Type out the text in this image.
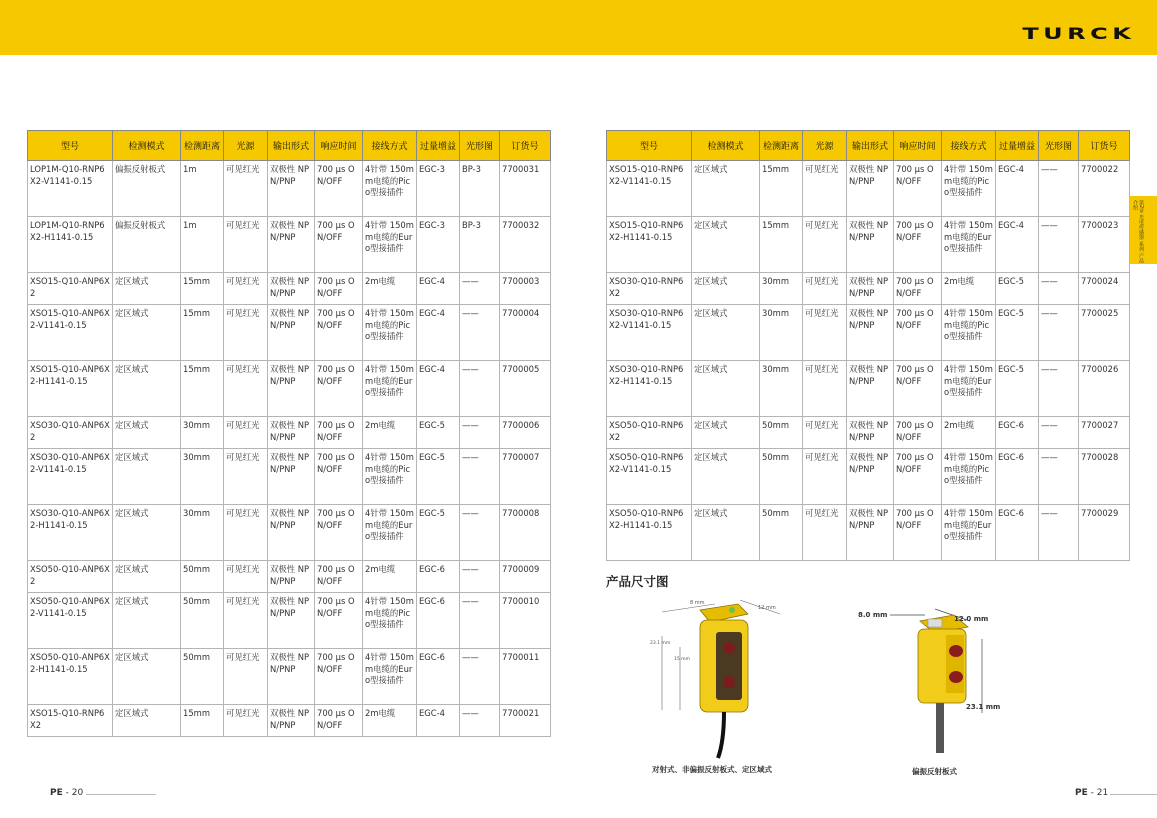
TURCK
第2章 光电传感器 系列 产品介绍
型号	检测模式	检测距离	光源	输出形式	响应时间	接线方式	过量增益	光形图	订货号
LOP1M-Q10-RNP6X2-V1141-0.15	偏振反射板式	1m	可见红光	双极性 NPN/PNP	700 μs ON/OFF	4针带 150mm电缆的Pico型接插件	EGC-3	BP-3	7700031
LOP1M-Q10-RNP6X2-H1141-0.15	偏振反射板式	1m	可见红光	双极性 NPN/PNP	700 μs ON/OFF	4针带 150mm电缆的Euro型接插件	EGC-3	BP-3	7700032
XSO15-Q10-ANP6X2	定区域式	15mm	可见红光	双极性 NPN/PNP	700 μs ON/OFF	2m电缆	EGC-4	——	7700003
XSO15-Q10-ANP6X2-V1141-0.15	定区域式	15mm	可见红光	双极性 NPN/PNP	700 μs ON/OFF	4针带 150mm电缆的Pico型接插件	EGC-4	——	7700004
XSO15-Q10-ANP6X2-H1141-0.15	定区域式	15mm	可见红光	双极性 NPN/PNP	700 μs ON/OFF	4针带 150mm电缆的Euro型接插件	EGC-4	——	7700005
XSO30-Q10-ANP6X2	定区域式	30mm	可见红光	双极性 NPN/PNP	700 μs ON/OFF	2m电缆	EGC-5	——	7700006
XSO30-Q10-ANP6X2-V1141-0.15	定区域式	30mm	可见红光	双极性 NPN/PNP	700 μs ON/OFF	4针带 150mm电缆的Pico型接插件	EGC-5	——	7700007
XSO30-Q10-ANP6X2-H1141-0.15	定区域式	30mm	可见红光	双极性 NPN/PNP	700 μs ON/OFF	4针带 150mm电缆的Euro型接插件	EGC-5	——	7700008
XSO50-Q10-ANP6X2	定区域式	50mm	可见红光	双极性 NPN/PNP	700 μs ON/OFF	2m电缆	EGC-6	——	7700009
XSO50-Q10-ANP6X2-V1141-0.15	定区域式	50mm	可见红光	双极性 NPN/PNP	700 μs ON/OFF	4针带 150mm电缆的Pico型接插件	EGC-6	——	7700010
XSO50-Q10-ANP6X2-H1141-0.15	定区域式	50mm	可见红光	双极性 NPN/PNP	700 μs ON/OFF	4针带 150mm电缆的Euro型接插件	EGC-6	——	7700011
XSO15-Q10-RNP6X2	定区域式	15mm	可见红光	双极性 NPN/PNP	700 μs ON/OFF	2m电缆	EGC-4	——	7700021
型号	检测模式	检测距离	光源	输出形式	响应时间	接线方式	过量增益	光形图	订货号
XSO15-Q10-RNP6X2-V1141-0.15	定区域式	15mm	可见红光	双极性 NPN/PNP	700 μs ON/OFF	4针带 150mm电缆的Pico型接插件	EGC-4	——	7700022
XSO15-Q10-RNP6X2-H1141-0.15	定区域式	15mm	可见红光	双极性 NPN/PNP	700 μs ON/OFF	4针带 150mm电缆的Euro型接插件	EGC-4	——	7700023
XSO30-Q10-RNP6X2	定区域式	30mm	可见红光	双极性 NPN/PNP	700 μs ON/OFF	2m电缆	EGC-5	——	7700024
XSO30-Q10-RNP6X2-V1141-0.15	定区域式	30mm	可见红光	双极性 NPN/PNP	700 μs ON/OFF	4针带 150mm电缆的Pico型接插件	EGC-5	——	7700025
XSO30-Q10-RNP6X2-H1141-0.15	定区域式	30mm	可见红光	双极性 NPN/PNP	700 μs ON/OFF	4针带 150mm电缆的Euro型接插件	EGC-5	——	7700026
XSO50-Q10-RNP6X2	定区域式	50mm	可见红光	双极性 NPN/PNP	700 μs ON/OFF	2m电缆	EGC-6	——	7700027
XSO50-Q10-RNP6X2-V1141-0.15	定区域式	50mm	可见红光	双极性 NPN/PNP	700 μs ON/OFF	4针带 150mm电缆的Pico型接插件	EGC-6	——	7700028
XSO50-Q10-RNP6X2-H1141-0.15	定区域式	50mm	可见红光	双极性 NPN/PNP	700 μs ON/OFF	4针带 150mm电缆的Euro型接插件	EGC-6	——	7700029
产品尺寸图
8 mm
12 mm
23.1 mm
15 mm
对射式、非偏振反射板式、定区域式
8.0 mm	12.0 mm
23.1 mm
偏振反射板式
PE - 20	PE - 21
